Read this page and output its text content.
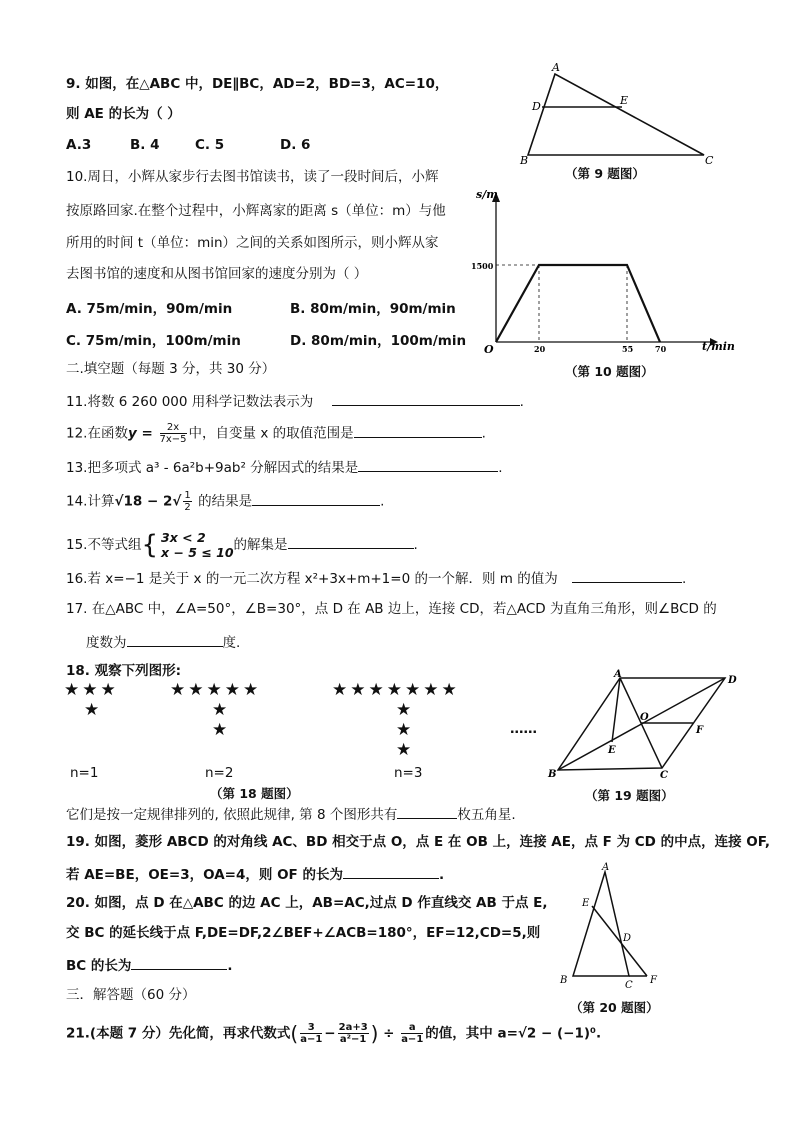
9. 如图，在△ABC 中，DE∥BC，AD=2，BD=3，AC=10，
则 AE 的长为（ ）
A.3	B. 4	C. 5	D. 6
A
D	E
B	C
（第 9 题图）
10.周日，小辉从家步行去图书馆读书，读了一段时间后，小辉
按原路回家.在整个过程中，小辉离家的距离 s（单位：m）与他
所用的时间 t（单位：min）之间的关系如图所示，则小辉从家
去图书馆的速度和从图书馆回家的速度分别为（ ）
A. 75m/min，90m/min	B. 80m/min，90m/min
C. 75m/min，100m/min	D. 80m/min，100m/min
s/m
t/min
O
1500
20	55	70
（第 10 题图）
二.填空题（每题 3 分，共 30 分）
11.将数 6 260 000 用科学记数法表示为	.
12.在函数$y = \frac{2x}{7x-5}$ 中，自变量 x 的取值范围是	.
13.把多项式 a³ - 6a²b+9ab² 分解因式的结果是	.
14.计算$√18 - 2√ \frac{1}{2}$ 的结果是	.
15.不等式组{ 3x < 2
x − 5 ≤ 10 的解集是	.
16.若 x=−1 是关于 x 的一元二次方程 x²+3x+m+1=0 的一个解．则 m 的值为	.
17. 在△ABC 中，∠A=50°，∠B=30°，点 D 在 AB 边上，连接 CD，若△ACD 为直角三角形，则∠BCD 的
度数为	度.
18. 观察下列图形:
★★★
★
★★★★★
★
★
★★★★★★★
★
★
★
……
n=1	n=2	n=3
（第 18 题图）
A
D
O
F
E
B	C
（第 19 题图）
它们是按一定规律排列的, 依照此规律, 第 8 个图形共有	枚五角星.
19. 如图，菱形 ABCD 的对角线 AC、BD 相交于点 O，点 E 在 OB 上，连接 AE，点 F 为 CD 的中点，连接 OF,
若 AE=BE，OE=3，OA=4，则 OF 的长为	.
20. 如图，点 D 在△ABC 的边 AC 上，AB=AC,过点 D 作直线交 AB 于点 E,
交 BC 的延长线于点 F,DE=DF,2∠BEF+∠ACB=180°，EF=12,CD=5,则
BC 的长为	.
A
E
D
B	C F
（第 20 题图）
三．解答题（60 分）
21.(本题 7 分）先化简，再求代数式( $\frac{3}{a-1} - \frac{2a+3}{\text{a²−1}}$ ) ÷ $\frac{a}{a-1}$ 的值，其中 a=√2 − (−1)⁰.
